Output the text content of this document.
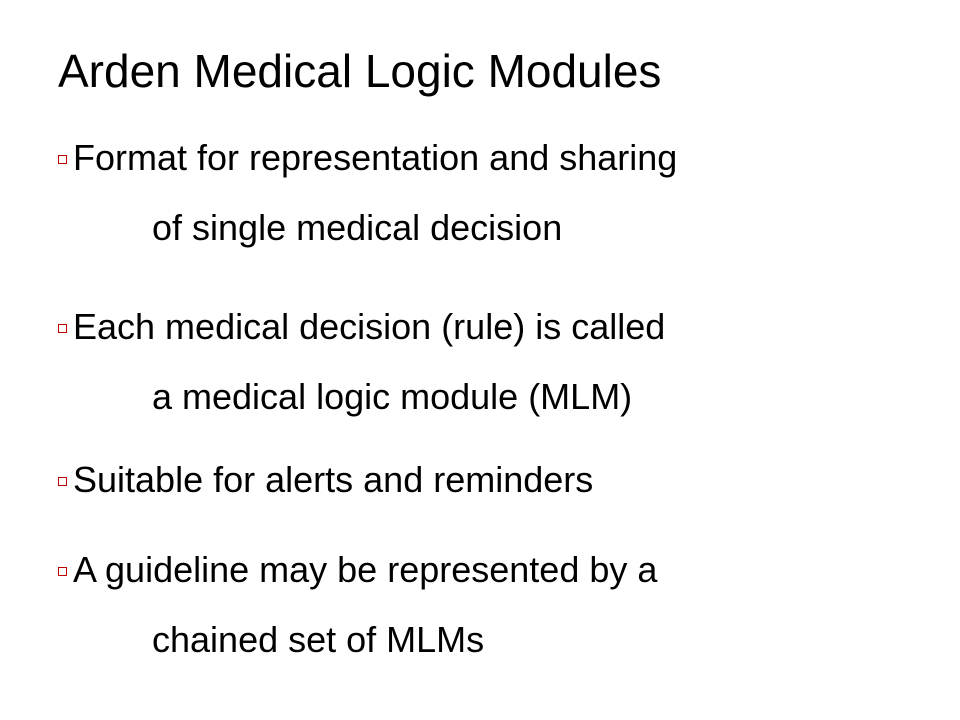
Arden Medical Logic Modules
Format for representation and sharing
of single medical decision
Each medical decision (rule) is called
a medical logic module (MLM)
Suitable for alerts and reminders
A guideline may be represented by a
chained set of MLMs
